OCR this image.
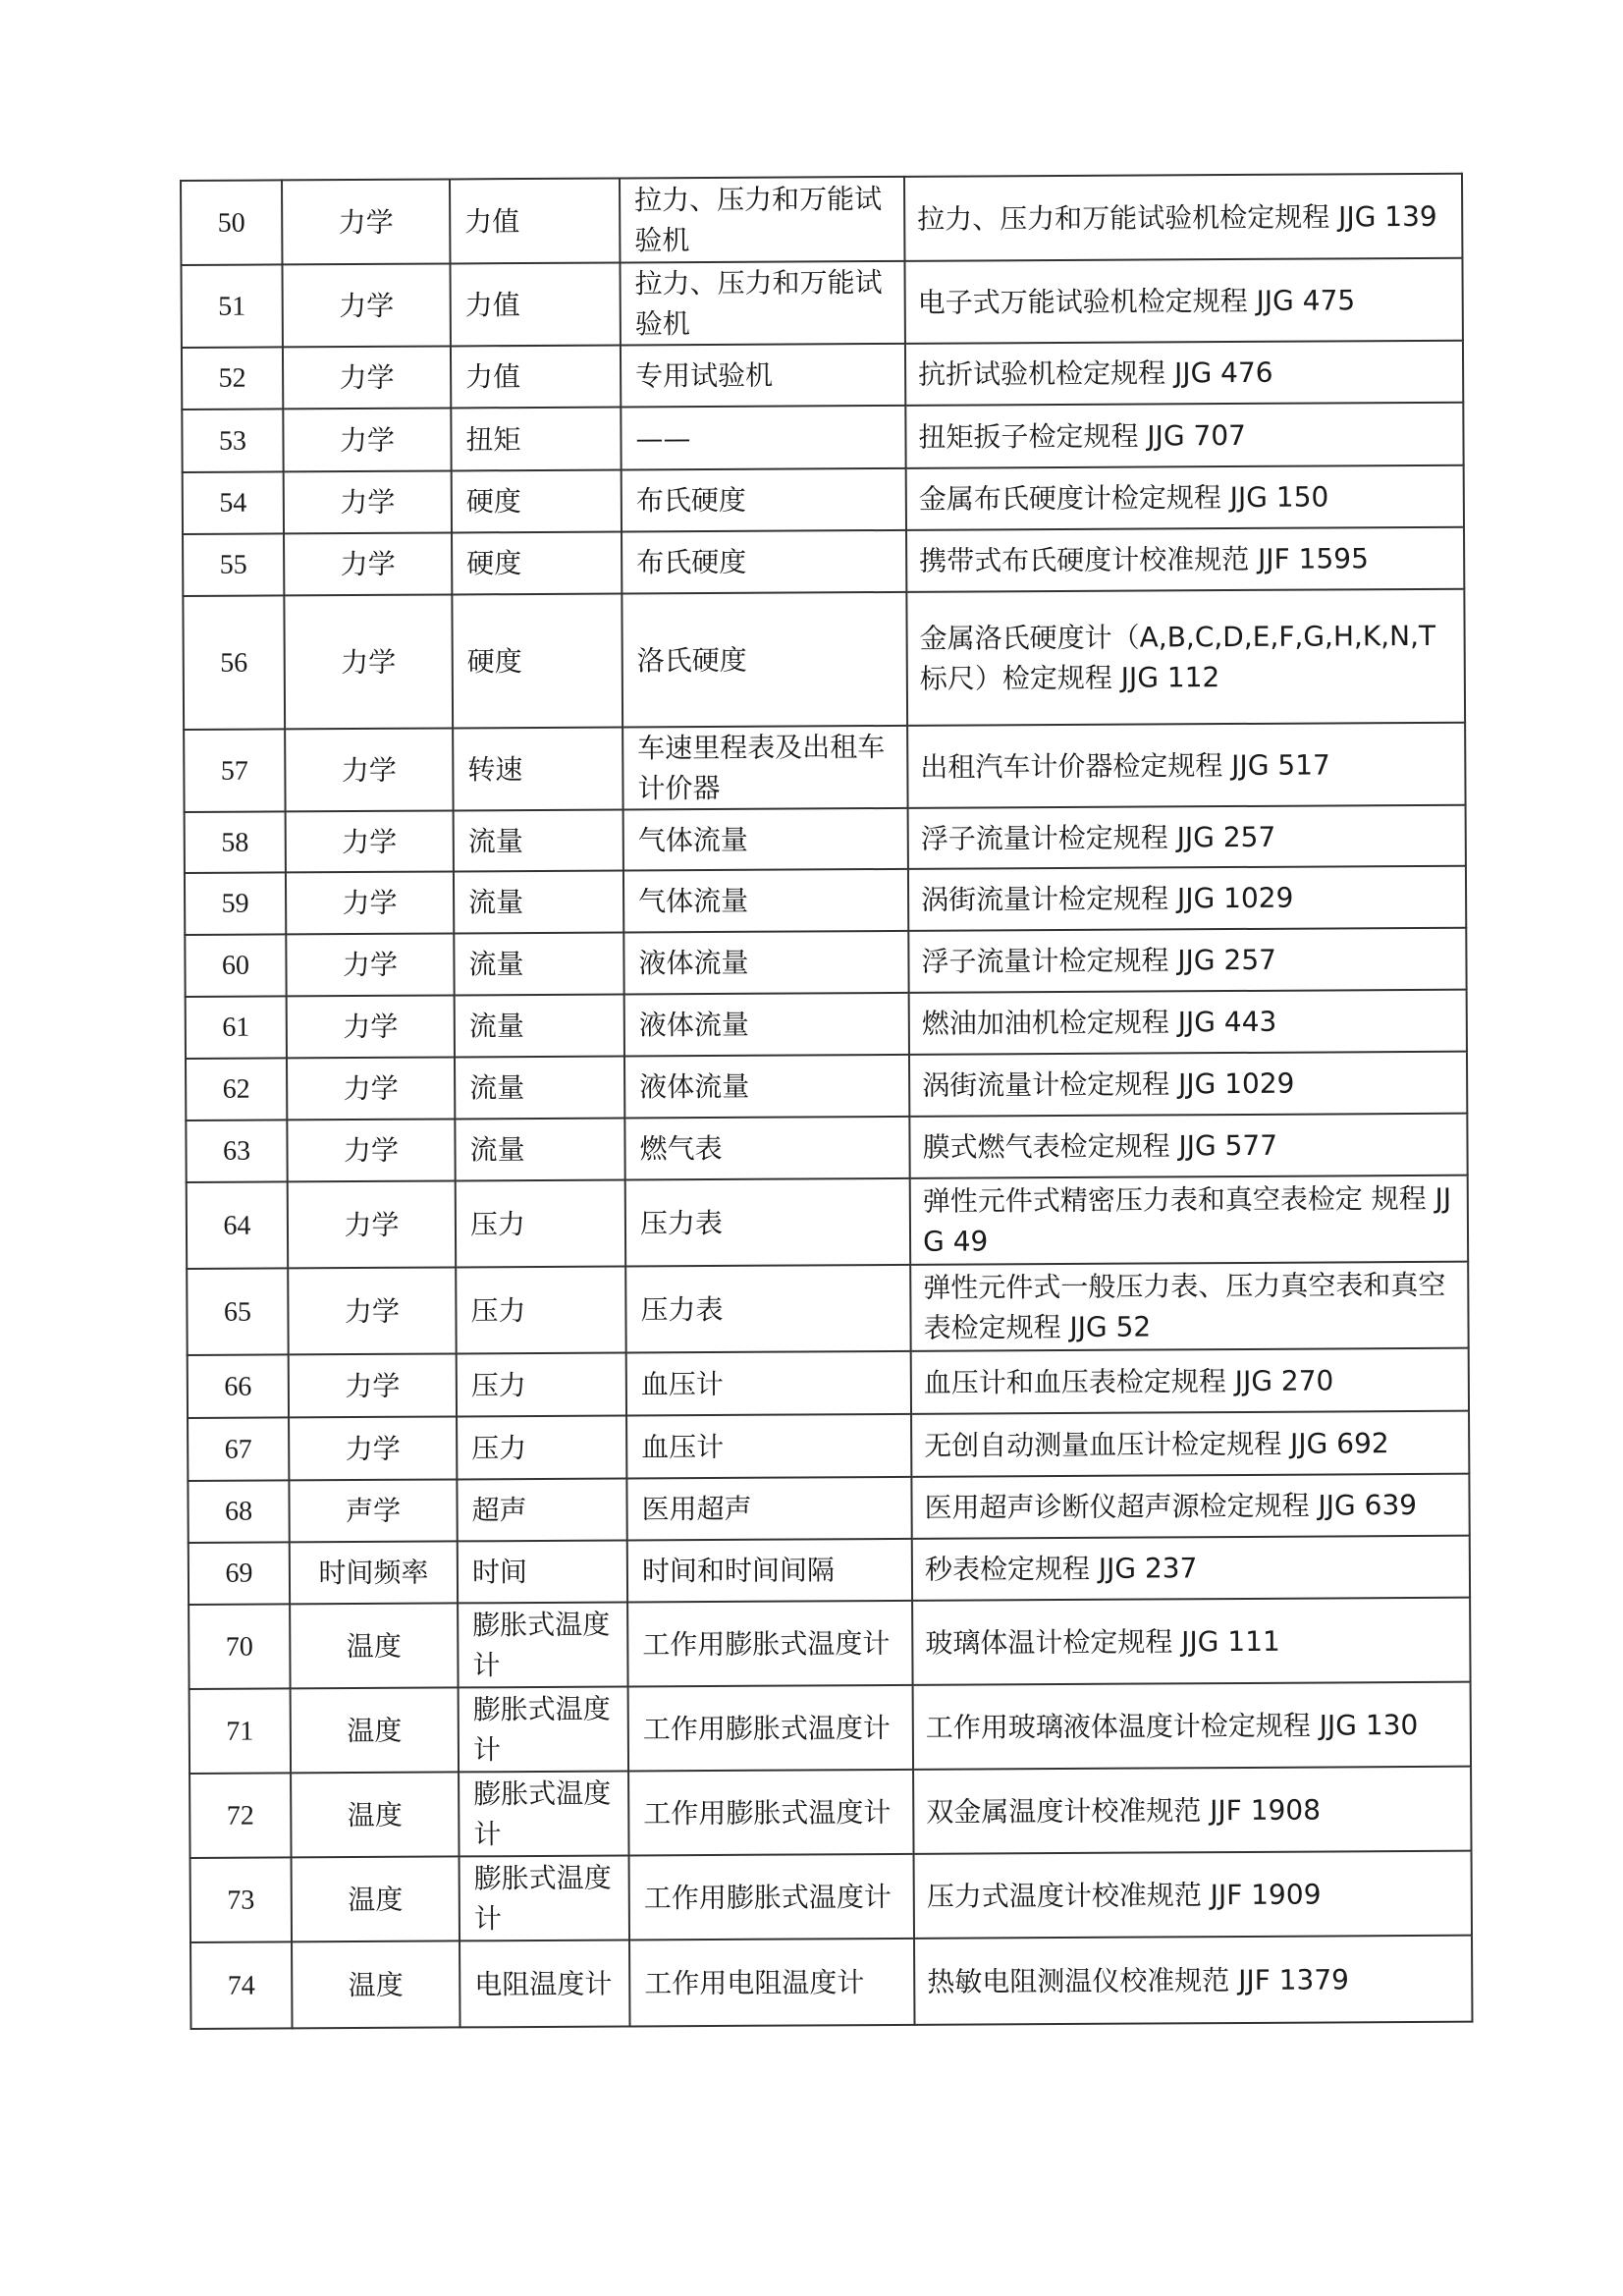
50	力学	力值	拉力、压力和万能试验机	拉力、压力和万能试验机检定规程 JJG 139
51	力学	力值	拉力、压力和万能试验机	电子式万能试验机检定规程 JJG 475
52	力学	力值	专用试验机	抗折试验机检定规程 JJG 476
53	力学	扭矩	——	扭矩扳子检定规程 JJG 707
54	力学	硬度	布氏硬度	金属布氏硬度计检定规程 JJG 150
55	力学	硬度	布氏硬度	携带式布氏硬度计校准规范 JJF 1595
56	力学	硬度	洛氏硬度	金属洛氏硬度计（A,B,C,D,E,F,G,H,K,N,T 标尺）检定规程 JJG 112
57	力学	转速	车速里程表及出租车计价器	出租汽车计价器检定规程 JJG 517
58	力学	流量	气体流量	浮子流量计检定规程 JJG 257
59	力学	流量	气体流量	涡街流量计检定规程 JJG 1029
60	力学	流量	液体流量	浮子流量计检定规程 JJG 257
61	力学	流量	液体流量	燃油加油机检定规程 JJG 443
62	力学	流量	液体流量	涡街流量计检定规程 JJG 1029
63	力学	流量	燃气表	膜式燃气表检定规程 JJG 577
64	力学	压力	压力表	弹性元件式精密压力表和真空表检定 规程 JJG 49
65	力学	压力	压力表	弹性元件式一般压力表、压力真空表和真空表检定规程 JJG 52
66	力学	压力	血压计	血压计和血压表检定规程 JJG 270
67	力学	压力	血压计	无创自动测量血压计检定规程 JJG 692
68	声学	超声	医用超声	医用超声诊断仪超声源检定规程 JJG 639
69	时间频率	时间	时间和时间间隔	秒表检定规程 JJG 237
70	温度	膨胀式温度计	工作用膨胀式温度计	玻璃体温计检定规程 JJG 111
71	温度	膨胀式温度计	工作用膨胀式温度计	工作用玻璃液体温度计检定规程 JJG 130
72	温度	膨胀式温度计	工作用膨胀式温度计	双金属温度计校准规范 JJF 1908
73	温度	膨胀式温度计	工作用膨胀式温度计	压力式温度计校准规范 JJF 1909
74	温度	电阻温度计	工作用电阻温度计	热敏电阻测温仪校准规范 JJF 1379
